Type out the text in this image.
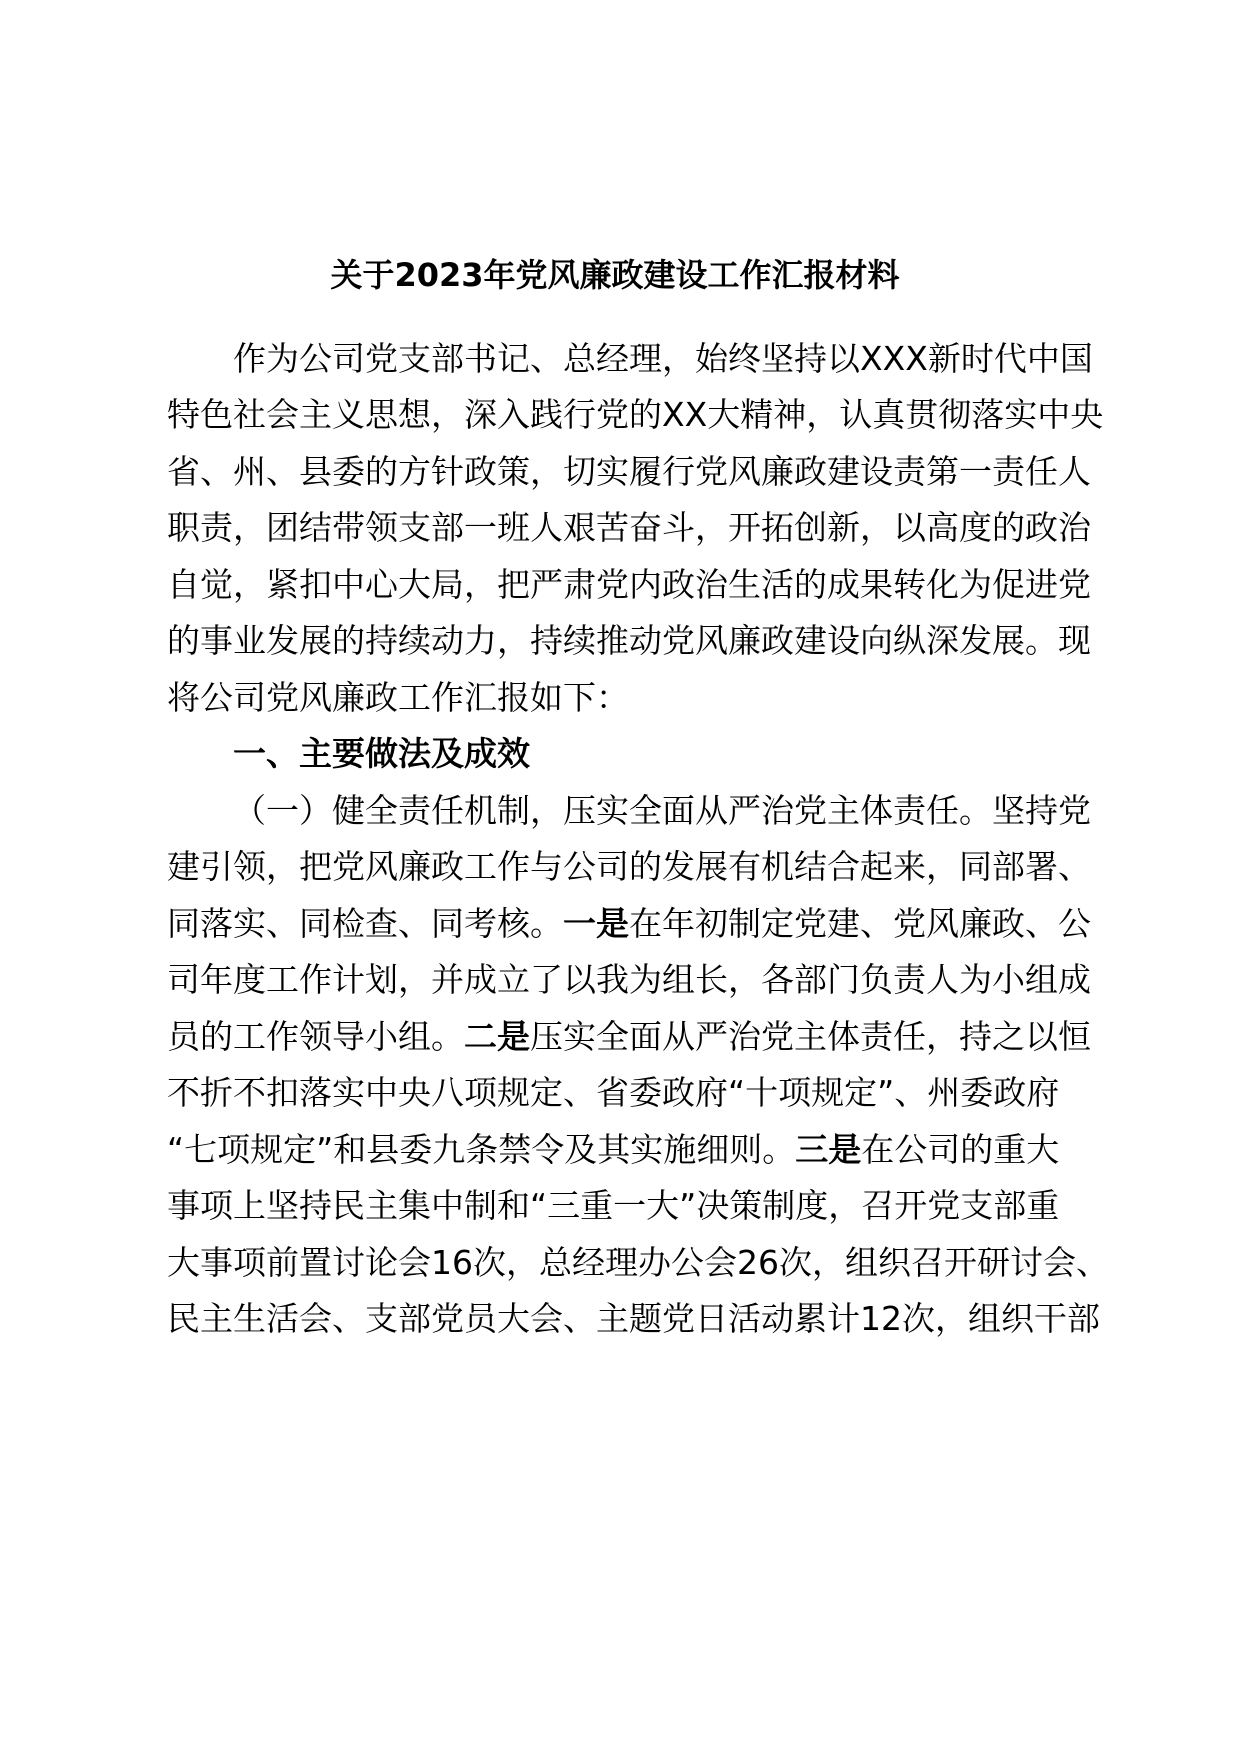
关于2023年党风廉政建设工作汇报材料

作为公司党支部书记、总经理，始终坚持以XXX新时代中国

特色社会主义思想，深入践行党的XX大精神，认真贯彻落实中央

省、州、县委的方针政策，切实履行党风廉政建设责第一责任人

职责，团结带领支部一班人艰苦奋斗，开拓创新，以高度的政治

自觉，紧扣中心大局，把严肃党内政治生活的成果转化为促进党

的事业发展的持续动力，持续推动党风廉政建设向纵深发展。现

将公司党风廉政工作汇报如下：

一、主要做法及成效

（一）健全责任机制，压实全面从严治党主体责任。坚持党

建引领，把党风廉政工作与公司的发展有机结合起来，同部署、

同落实、同检查、同考核。一是在年初制定党建、党风廉政、公

司年度工作计划，并成立了以我为组长，各部门负责人为小组成

员的工作领导小组。二是压实全面从严治党主体责任，持之以恒

不折不扣落实中央八项规定、省委政府“十项规定”、州委政府

“七项规定”和县委九条禁令及其实施细则。三是在公司的重大

事项上坚持民主集中制和“三重一大”决策制度，召开党支部重

大事项前置讨论会16次，总经理办公会26次，组织召开研讨会、

民主生活会、支部党员大会、主题党日活动累计12次，组织干部
